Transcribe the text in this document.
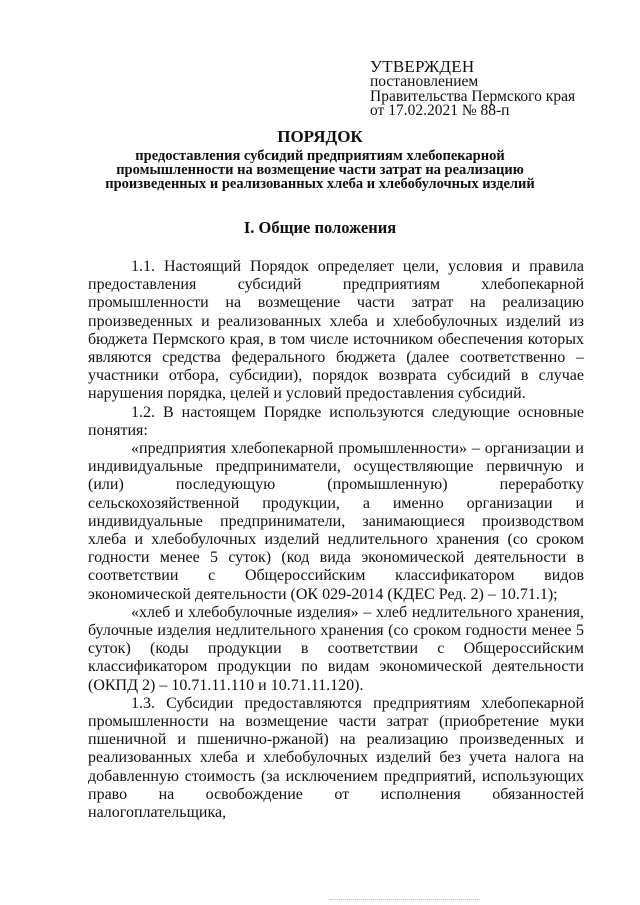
УТВЕРЖДЕН
постановлением
Правительства Пермского края
от 17.02.2021 № 88-п
ПОРЯДОК
предоставления субсидий предприятиям хлебопекарной промышленности на возмещение части затрат на реализацию произведенных и реализованных хлеба и хлебобулочных изделий
I. Общие положения

1.1. Настоящий Порядок определяет цели, условия и правила предоставления субсидий предприятиям хлебопекарной промышленности на возмещение части затрат на реализацию произведенных и реализованных хлеба и хлебобулочных изделий из бюджета Пермского края, в том числе источником обеспечения которых являются средства федерального бюджета (далее соответственно – участники отбора, субсидии), порядок возврата субсидий в случае нарушения порядка, целей и условий предоставления субсидий.

1.2. В настоящем Порядке используются следующие основные понятия:

«предприятия хлебопекарной промышленности» – организации и индивидуальные предприниматели, осуществляющие первичную и (или) последующую (промышленную) переработку сельскохозяйственной продукции, а именно организации и индивидуальные предприниматели, занимающиеся производством хлеба и хлебобулочных изделий недлительного хранения (со сроком годности менее 5 суток) (код вида экономической деятельности в соответствии с Общероссийским классификатором видов экономической деятельности (ОК 029-2014 (КДЕС Ред. 2) – 10.71.1);

«хлеб и хлебобулочные изделия» – хлеб недлительного хранения, булочные изделия недлительного хранения (со сроком годности менее 5 суток) (коды продукции в соответствии с Общероссийским классификатором продукции по видам экономической деятельности (ОКПД 2) – 10.71.11.110 и 10.71.11.120).

1.3. Субсидии предоставляются предприятиям хлебопекарной промышленности на возмещение части затрат (приобретение муки пшеничной и пшенично-ржаной) на реализацию произведенных и реализованных хлеба и хлебобулочных изделий без учета налога на добавленную стоимость (за исключением предприятий, использующих право на освобождение от исполнения обязанностей налогоплательщика,
